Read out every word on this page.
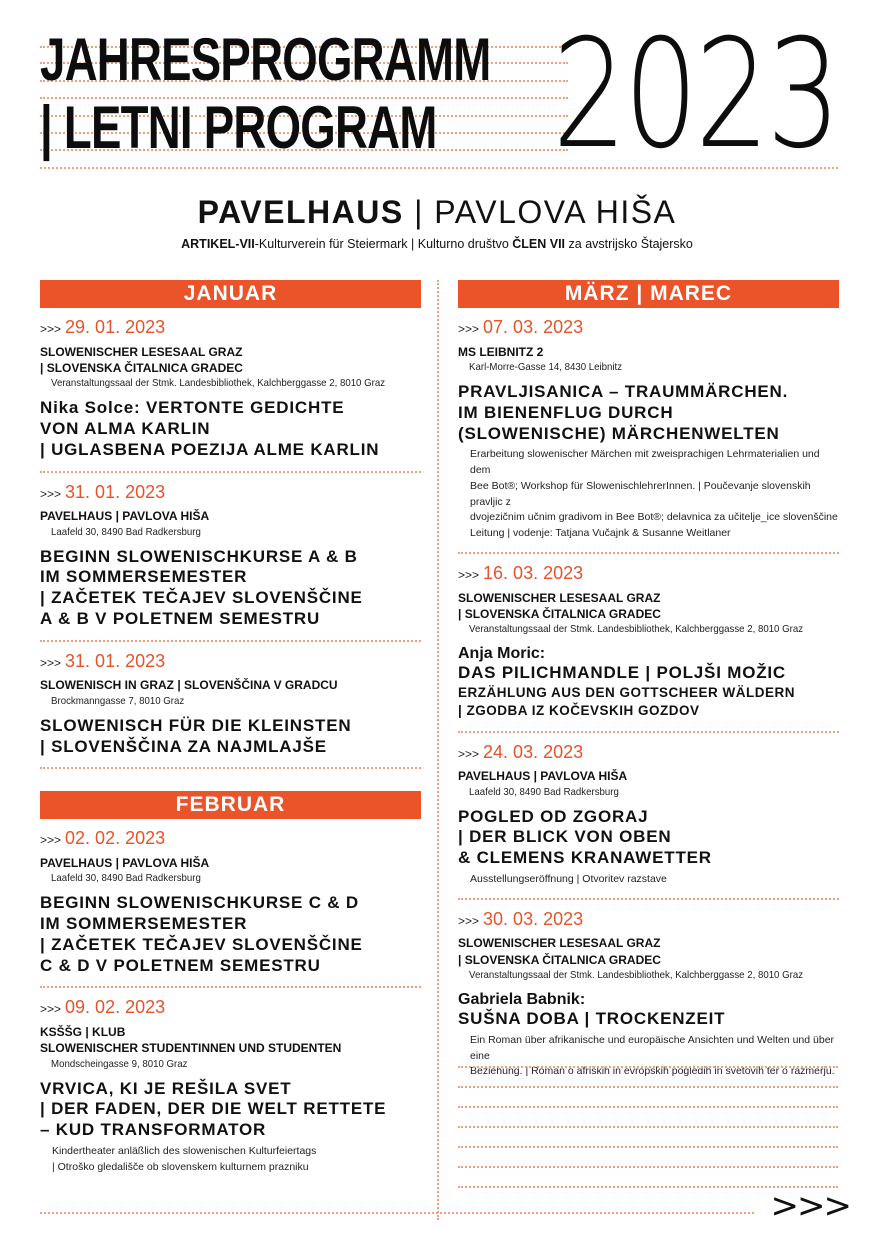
JAHRESPROGRAMM
| LETNI PROGRAM 2023
PAVELHAUS | PAVLOVA HIŠA
ARTIKEL-VII-Kulturverein für Steiermark | Kulturno društvo ČLEN VII za avstrijsko Štajersko
JANUAR
>>> 29. 01. 2023
SLOWENISCHER LESESAAL GRAZ
| SLOVENSKA ČITALNICA GRADEC
Veranstaltungssaal der Stmk. Landesbibliothek, Kalchberggasse 2, 8010 Graz
Nika Solce: VERTONTE GEDICHTE
VON ALMA KARLIN
| UGLASBENA POEZIJA ALME KARLIN
>>> 31. 01. 2023
PAVELHAUS | PAVLOVA HIŠA
Laafeld 30, 8490 Bad Radkersburg
BEGINN SLOWENISCHKURSE A & B
IM SOMMERSEMESTER
| ZAČETEK TEČAJEV SLOVENŠČINE
A & B V POLETNEM SEMESTRU
>>> 31. 01. 2023
SLOWENISCH IN GRAZ | SLOVENŠČINA V GRADCU
Brockmanngasse 7, 8010 Graz
SLOWENISCH FÜR DIE KLEINSTEN
| SLOVENŠČINA ZA NAJMLAJŠE
FEBRUAR
>>> 02. 02. 2023
PAVELHAUS | PAVLOVA HIŠA
Laafeld 30, 8490 Bad Radkersburg
BEGINN SLOWENISCHKURSE C & D
IM SOMMERSEMESTER
| ZAČETEK TEČAJEV SLOVENŠČINE
C & D V POLETNEM SEMESTRU
>>> 09. 02. 2023
KSŠŠG | KLUB
SLOWENISCHER STUDENTINNEN UND STUDENTEN
Mondscheingasse 9, 8010 Graz
VRVICA, KI JE REŠILA SVET
| DER FADEN, DER DIE WELT RETTETE
– KUD TRANSFORMATOR
Kindertheater anläßlich des slowenischen Kulturfeiertags
| Otroško gledališče ob slovenskem kulturnem prazniku
MÄRZ | MAREC
>>> 07. 03. 2023
MS LEIBNITZ 2
Karl-Morre-Gasse 14, 8430 Leibnitz
PRAVLJISANICA – TRAUMMÄRCHEN.
IM BIENENFLUG DURCH
(SLOWENISCHE) MÄRCHENWELTEN
Erarbeitung slowenischer Märchen mit zweisprachigen Lehrmaterialien und dem
Bee Bot®; Workshop für SlowenischlehrerInnen. | Poučevanje slovenskih pravljic z
dvojezičnim učnim gradivom in Bee Bot®; delavnica za učitelje_ice slovenščine
Leitung | vodenje: Tatjana Vučajnk & Susanne Weitlaner
>>> 16. 03. 2023
SLOWENISCHER LESESAAL GRAZ
| SLOVENSKA ČITALNICA GRADEC
Veranstaltungssaal der Stmk. Landesbibliothek, Kalchberggasse 2, 8010 Graz
Anja Moric:
DAS PILICHMANDLE | POLJŠI MOŽIC
ERZÄHLUNG AUS DEN GOTTSCHEER WÄLDERN
| ZGODBA IZ KOČEVSKIH GOZDOV
>>> 24. 03. 2023
PAVELHAUS | PAVLOVA HIŠA
Laafeld 30, 8490 Bad Radkersburg
POGLED OD ZGORAJ
| DER BLICK VON OBEN
& CLEMENS KRANAWETTER
Ausstellungseröffnung | Otvoritev razstave
>>> 30. 03. 2023
SLOWENISCHER LESESAAL GRAZ
| SLOVENSKA ČITALNICA GRADEC
Veranstaltungssaal der Stmk. Landesbibliothek, Kalchberggasse 2, 8010 Graz
Gabriela Babnik:
SUŠNA DOBA | TROCKENZEIT
Ein Roman über afrikanische und europäische Ansichten und Welten und über eine
Beziehung. | Roman o afriških in evropskih pogledih in svetovih ter o razmerju.
>>>
